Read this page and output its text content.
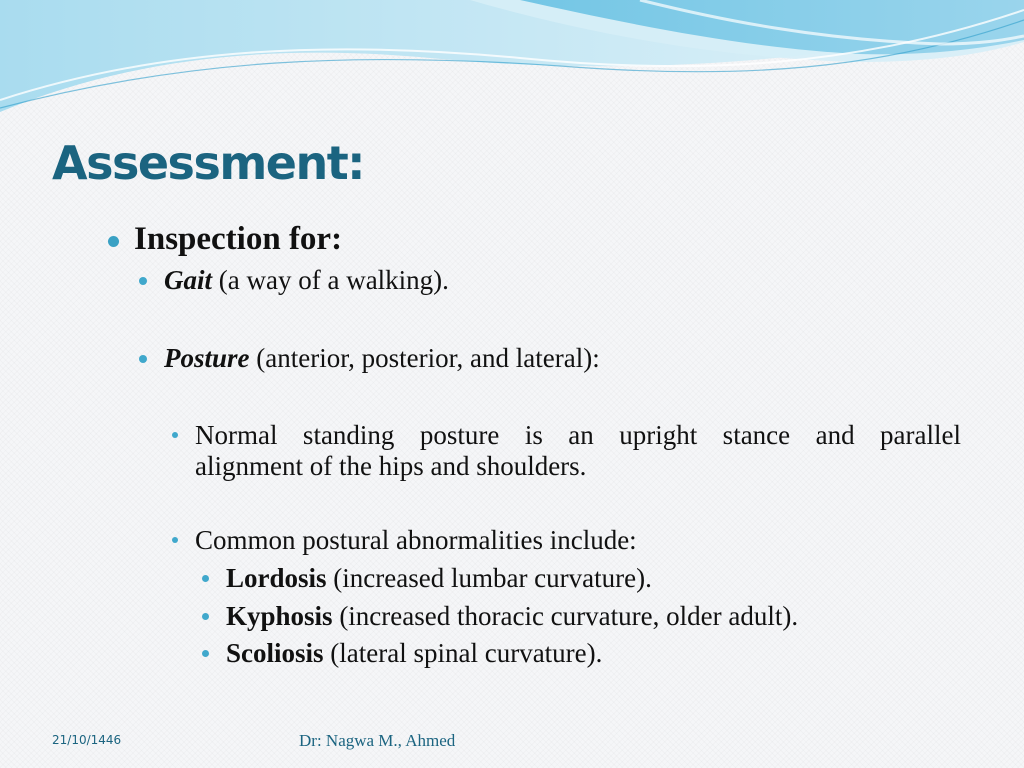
Assessment:
Inspection for:
Gait (a way of a walking).
Posture (anterior, posterior, and lateral):
Normal standing posture is an upright stance and parallel
alignment of the hips and shoulders.
Common postural abnormalities include:
Lordosis (increased lumbar curvature).
Kyphosis (increased thoracic curvature, older adult).
Scoliosis (lateral spinal curvature).
21/10/1446	Dr: Nagwa M., Ahmed
